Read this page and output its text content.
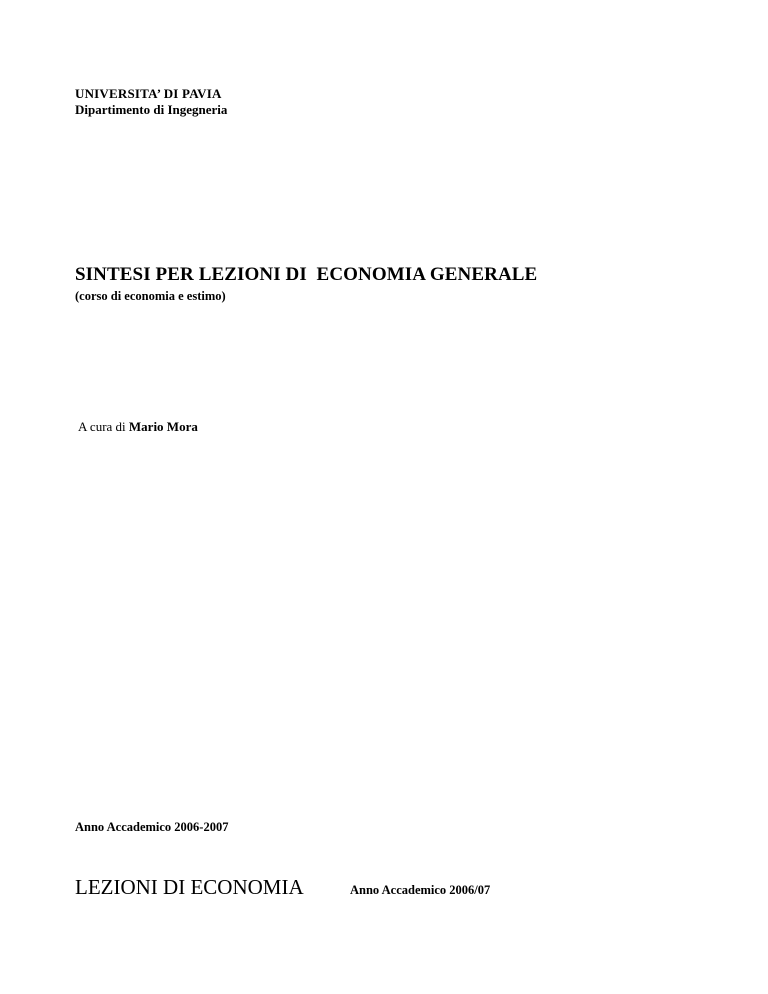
UNIVERSITA’ DI PAVIA
Dipartimento di Ingegneria
SINTESI PER LEZIONI DI  ECONOMIA GENERALE
(corso di economia e estimo)
A cura di Mario Mora
Anno Accademico 2006-2007
LEZIONI DI ECONOMIA	Anno Accademico 2006/07
